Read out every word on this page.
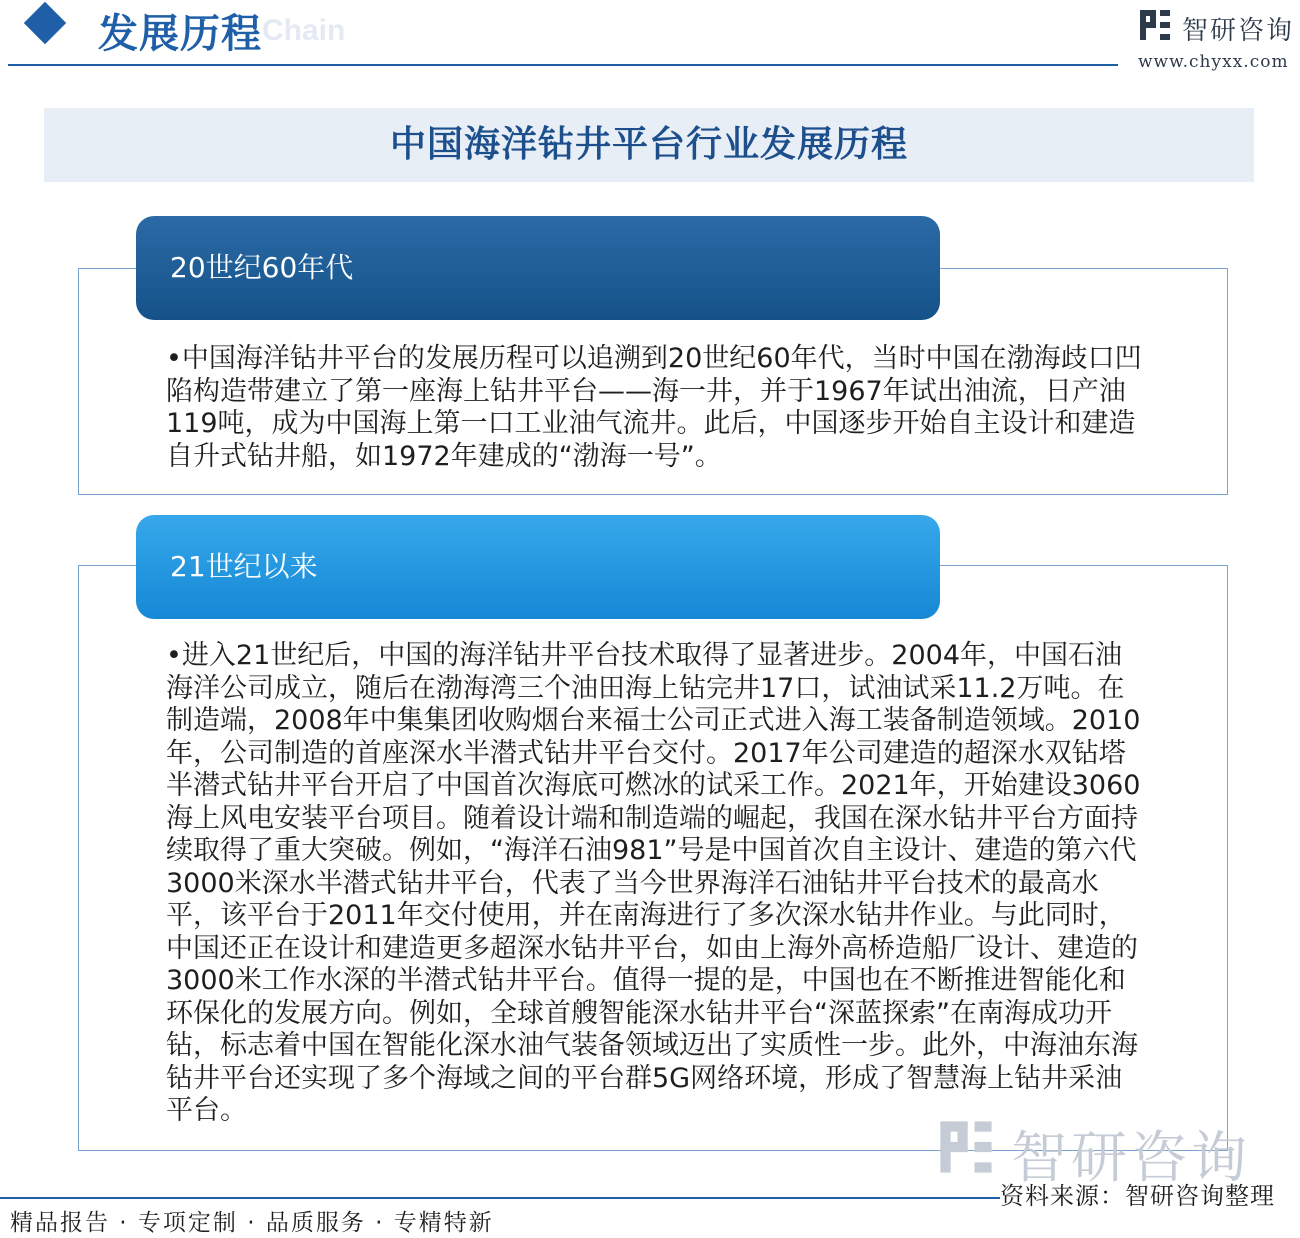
Chain
发展历程	智研咨询
www.chyxx.com
中国海洋钻井平台行业发展历程
20世纪60年代

•中国海洋钻井平台的发展历程可以追溯到20世纪60年代，当时中国在渤海歧口凹陷构造带建立了第一座海上钻井平台——海一井，并于1967年试出油流，日产油119吨，成为中国海上第一口工业油气流井。此后，中国逐步开始自主设计和建造自升式钻井船，如1972年建成的“渤海一号”。

21世纪以来

•进入21世纪后，中国的海洋钻井平台技术取得了显著进步。2004年，中国石油海洋公司成立，随后在渤海湾三个油田海上钻完井17口，试油试采11.2万吨。在制造端，2008年中集集团收购烟台来福士公司正式进入海工装备制造领域。2010年，公司制造的首座深水半潜式钻井平台交付。2017年公司建造的超深水双钻塔半潜式钻井平台开启了中国首次海底可燃冰的试采工作。2021年，开始建设3060海上风电安装平台项目。随着设计端和制造端的崛起，我国在深水钻井平台方面持续取得了重大突破。例如，“海洋石油981”号是中国首次自主设计、建造的第六代3000米深水半潜式钻井平台，代表了当今世界海洋石油钻井平台技术的最高水平，该平台于2011年交付使用，并在南海进行了多次深水钻井作业。与此同时，中国还正在设计和建造更多超深水钻井平台，如由上海外高桥造船厂设计、建造的3000米工作水深的半潜式钻井平台。值得一提的是，中国也在不断推进智能化和环保化的发展方向。例如，全球首艘智能深水钻井平台“深蓝探索”在南海成功开钻，标志着中国在智能化深水油气装备领域迈出了实质性一步。此外，中海油东海钻井平台还实现了多个海域之间的平台群5G网络环境，形成了智慧海上钻井采油平台。

智研咨询
资料来源：智研咨询整理
精品报告 · 专项定制 · 品质服务 · 专精特新
